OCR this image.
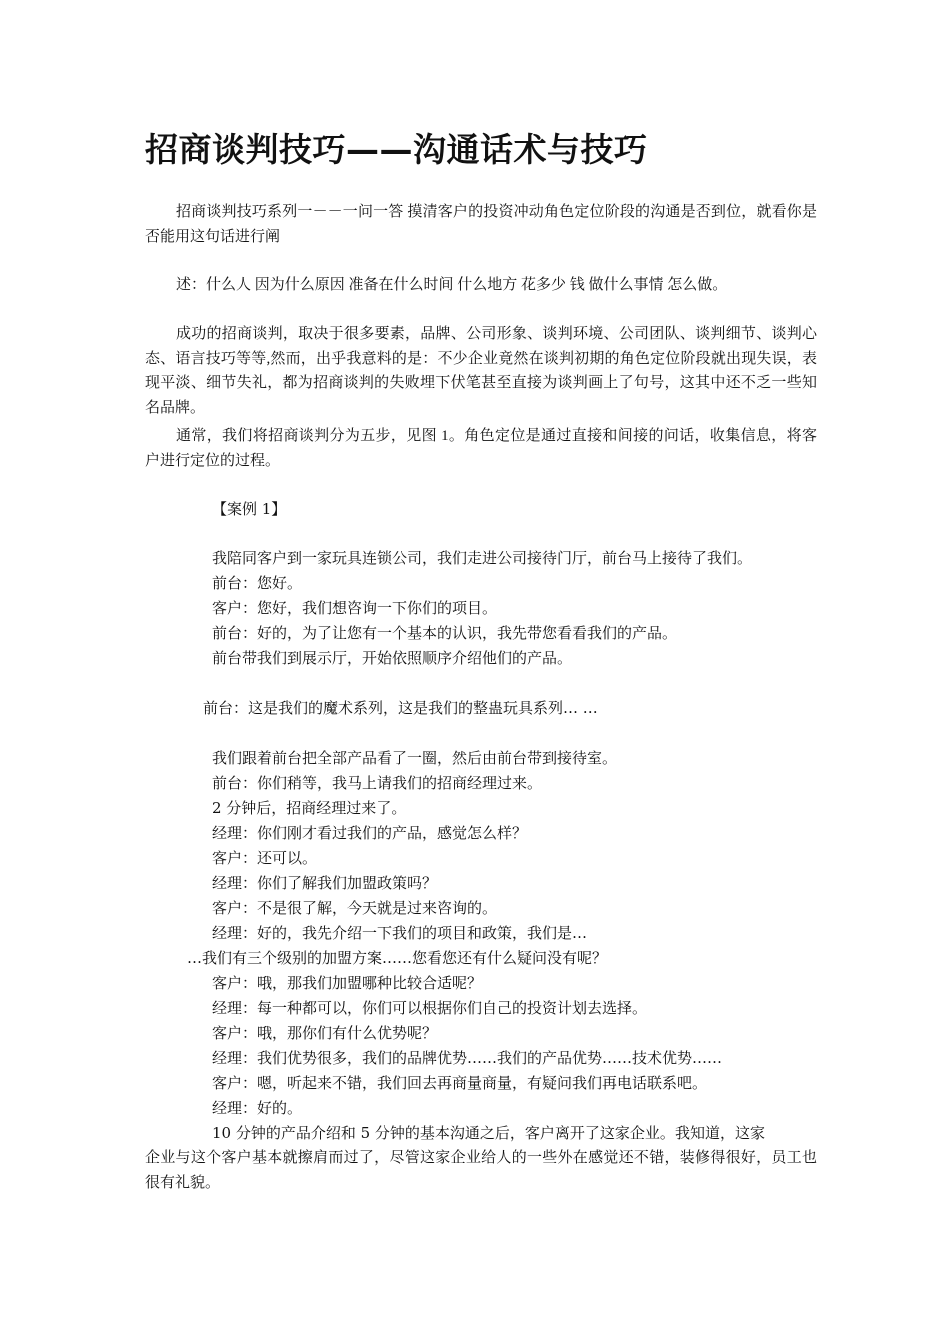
招商谈判技巧——沟通话术与技巧
招商谈判技巧系列一－－一问一答 摸清客户的投资冲动角色定位阶段的沟通是否到位，就看你是否能用这句话进行阐
述：什么人 因为什么原因 准备在什么时间 什么地方 花多少 钱 做什么事情 怎么做。
成功的招商谈判，取决于很多要素，品牌、公司形象、谈判环境、公司团队、谈判细节、谈判心态、语言技巧等等,然而，出乎我意料的是：不少企业竟然在谈判初期的角色定位阶段就出现失误，表现平淡、细节失礼，都为招商谈判的失败埋下伏笔甚至直接为谈判画上了句号，这其中还不乏一些知名品牌。
通常，我们将招商谈判分为五步，见图 1。角色定位是通过直接和间接的问话，收集信息，将客户进行定位的过程。
【案例 1】
我陪同客户到一家玩具连锁公司，我们走进公司接待门厅，前台马上接待了我们。
前台：您好。
客户：您好，我们想咨询一下你们的项目。
前台：好的，为了让您有一个基本的认识，我先带您看看我们的产品。
前台带我们到展示厅，开始依照顺序介绍他们的产品。
前台：这是我们的魔术系列，这是我们的整蛊玩具系列… …
我们跟着前台把全部产品看了一圈，然后由前台带到接待室。
前台：你们稍等，我马上请我们的招商经理过来。
2 分钟后，招商经理过来了。
经理：你们刚才看过我们的产品，感觉怎么样？
客户：还可以。
经理：你们了解我们加盟政策吗？
客户：不是很了解，今天就是过来咨询的。
经理：好的，我先介绍一下我们的项目和政策，我们是…
…我们有三个级别的加盟方案……您看您还有什么疑问没有呢？
客户：哦，那我们加盟哪种比较合适呢？
经理：每一种都可以，你们可以根据你们自己的投资计划去选择。
客户：哦，那你们有什么优势呢？
经理：我们优势很多，我们的品牌优势……我们的产品优势……技术优势……
客户：嗯，听起来不错，我们回去再商量商量，有疑问我们再电话联系吧。
经理：好的。
10 分钟的产品介绍和 5 分钟的基本沟通之后，客户离开了这家企业。我知道，这家
企业与这个客户基本就擦肩而过了，尽管这家企业给人的一些外在感觉还不错，装修得很好，员工也很有礼貌。
